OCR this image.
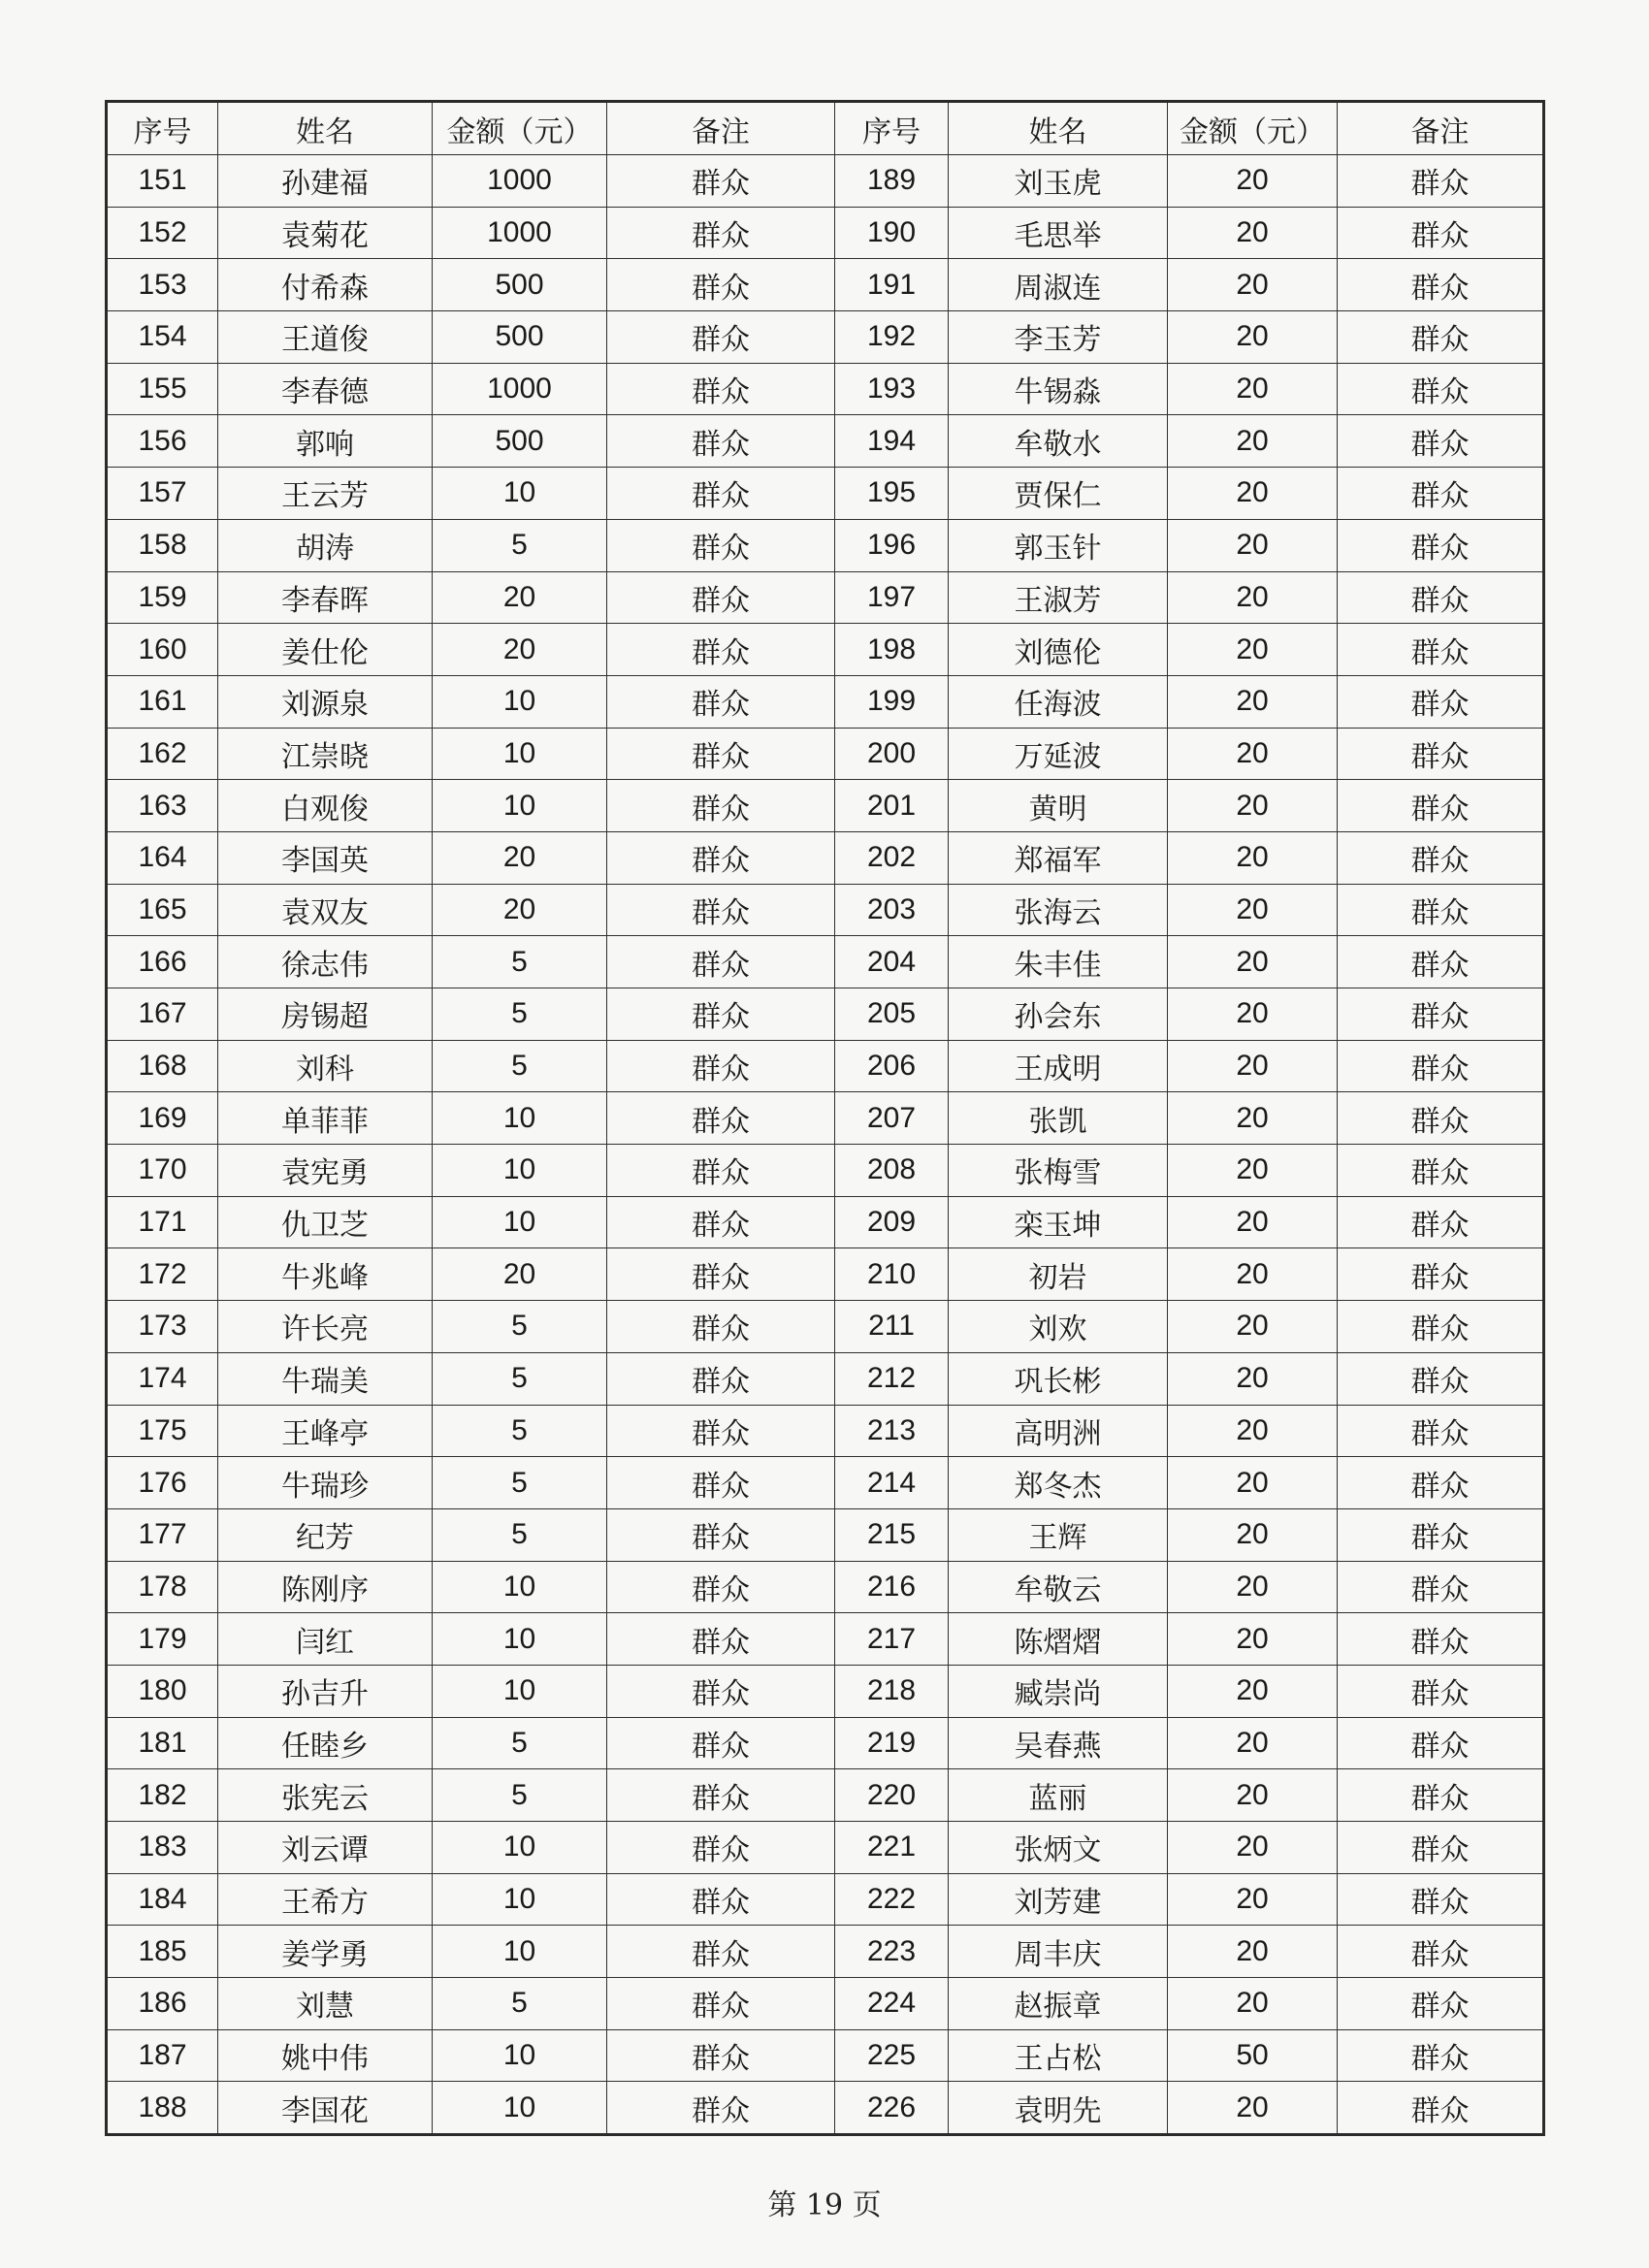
序号	姓名	金额（元）	备注	序号	姓名	金额（元）	备注
151	孙建福	1000	群众	189	刘玉虎	20	群众
152	袁菊花	1000	群众	190	毛思举	20	群众
153	付希森	500	群众	191	周淑连	20	群众
154	王道俊	500	群众	192	李玉芳	20	群众
155	李春德	1000	群众	193	牛锡淼	20	群众
156	郭响	500	群众	194	牟敬水	20	群众
157	王云芳	10	群众	195	贾保仁	20	群众
158	胡涛	5	群众	196	郭玉针	20	群众
159	李春晖	20	群众	197	王淑芳	20	群众
160	姜仕伦	20	群众	198	刘德伦	20	群众
161	刘源泉	10	群众	199	任海波	20	群众
162	江崇晓	10	群众	200	万延波	20	群众
163	白观俊	10	群众	201	黄明	20	群众
164	李国英	20	群众	202	郑福军	20	群众
165	袁双友	20	群众	203	张海云	20	群众
166	徐志伟	5	群众	204	朱丰佳	20	群众
167	房锡超	5	群众	205	孙会东	20	群众
168	刘科	5	群众	206	王成明	20	群众
169	单菲菲	10	群众	207	张凯	20	群众
170	袁宪勇	10	群众	208	张梅雪	20	群众
171	仇卫芝	10	群众	209	栾玉坤	20	群众
172	牛兆峰	20	群众	210	初岩	20	群众
173	许长亮	5	群众	211	刘欢	20	群众
174	牛瑞美	5	群众	212	巩长彬	20	群众
175	王峰亭	5	群众	213	高明洲	20	群众
176	牛瑞珍	5	群众	214	郑冬杰	20	群众
177	纪芳	5	群众	215	王辉	20	群众
178	陈刚序	10	群众	216	牟敬云	20	群众
179	闫红	10	群众	217	陈熠熠	20	群众
180	孙吉升	10	群众	218	臧崇尚	20	群众
181	任睦乡	5	群众	219	吴春燕	20	群众
182	张宪云	5	群众	220	蓝丽	20	群众
183	刘云谭	10	群众	221	张炳文	20	群众
184	王希方	10	群众	222	刘芳建	20	群众
185	姜学勇	10	群众	223	周丰庆	20	群众
186	刘慧	5	群众	224	赵振章	20	群众
187	姚中伟	10	群众	225	王占松	50	群众
188	李国花	10	群众	226	袁明先	20	群众
第 19 页
